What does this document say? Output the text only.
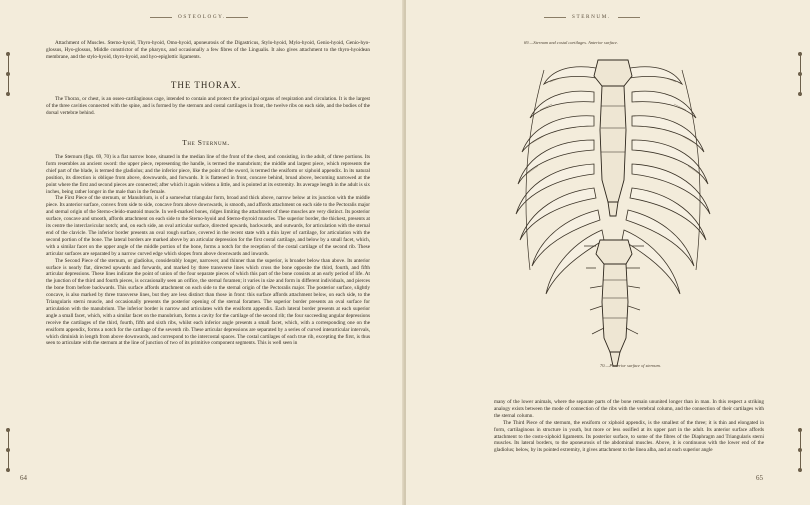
OSTEOLOGY.

Attachment of Muscles. Sterno-hyoid, Thyro-hyoid, Omo-hyoid, aponeurosis of the Digastricus, Stylo-hyoid, Mylo-hyoid, Genio-hyoid, Genio-hyo-glossus, Hyo-glossus, Middle constrictor of the pharynx, and occasionally a few fibres of the Lingualis. It also gives attachment to the thyro-hyoidean membrane, and the stylo-hyoid, thyro-hyoid, and hyo-epiglottic ligaments.

THE THORAX.

The Thorax, or chest, is an osseo-cartilaginous cage, intended to contain and protect the principal organs of respiration and circulation. It is the largest of the three cavities connected with the spine, and is formed by the sternum and costal cartilages in front, the twelve ribs on each side, and the bodies of the dorsal vertebræ behind.

The Sternum.

The Sternum (figs. 69, 70) is a flat narrow bone, situated in the median line of the front of the chest, and consisting, in the adult, of three portions. Its form resembles an ancient sword: the upper piece, representing the handle, is termed the manubrium; the middle and largest piece, which represents the chief part of the blade, is termed the gladiolus; and the inferior piece, like the point of the sword, is termed the ensiform or xiphoid appendix. In its natural position, its direction is oblique from above, downwards, and forwards. It is flattened in front, concave behind, broad above, becoming narrowed at the point where the first and second pieces are connected; after which it again widens a little, and is pointed at its extremity. Its average length in the adult is six inches, being rather longer in the male than in the female.

The First Piece of the sternum, or Manubrium, is of a somewhat triangular form, broad and thick above, narrow below at its junction with the middle piece. Its anterior surface, convex from side to side, concave from above downwards, is smooth, and affords attachment on each side to the Pectoralis major and sternal origin of the Sterno-cleido-mastoid muscle. In well-marked bones, ridges limiting the attachment of these muscles are very distinct. Its posterior surface, concave and smooth, affords attachment on each side to the Sterno-hyoid and Sterno-thyroid muscles. The superior border, the thickest, presents at its centre the interclavicular notch; and, on each side, an oval articular surface, directed upwards, backwards, and outwards, for articulation with the sternal end of the clavicle. The inferior border presents an oval rough surface, covered in the recent state with a thin layer of cartilage, for articulation with the second portion of the bone. The lateral borders are marked above by an articular depression for the first costal cartilage, and below by a small facet, which, with a similar facet on the upper angle of the middle portion of the bone, forms a notch for the reception of the costal cartilage of the second rib. These articular surfaces are separated by a narrow curved edge which slopes from above downwards and inwards.

The Second Piece of the sternum, or gladiolus, considerably longer, narrower, and thinner than the superior, is broader below than above. Its anterior surface is nearly flat, directed upwards and forwards, and marked by three transverse lines which cross the bone opposite the third, fourth, and fifth articular depressions. These lines indicate the point of union of the four separate pieces of which this part of the bone consists at an early period of life. At the junction of the third and fourth pieces, is occasionally seen an orifice, the sternal foramen; it varies in size and form in different individuals, and pierces the bone from before backwards. This surface affords attachment on each side to the sternal origin of the Pectoralis major. The posterior surface, slightly concave, is also marked by three transverse lines, but they are less distinct than those in front: this surface affords attachment below, on each side, to the Triangularis sterni muscle, and occasionally presents the posterior opening of the sternal foramen. The superior border presents an oval surface for articulation with the manubrium. The inferior border is narrow and articulates with the ensiform appendix. Each lateral border presents at each superior angle a small facet, which, with a similar facet on the manubrium, forms a cavity for the cartilage of the second rib; the four succeeding angular depressions receive the cartilages of the third, fourth, fifth and sixth ribs, whilst each inferior angle presents a small facet, which, with a corresponding one on the ensiform appendix, forms a notch for the cartilage of the seventh rib. These articular depressions are separated by a series of curved interarticular intervals, which diminish in length from above downwards, and correspond to the intercostal spaces. The costal cartilages of each true rib, excepting the first, is thus seen to articulate with the sternum at the line of junction of two of its primitive component segments. This is well seen in

64
STERNUM.
65
69.—Sternum and costal cartilages. Anterior surface.
70.—Posterior surface of sternum.

many of the lower animals, where the separate parts of the bone remain ununited longer than in man. In this respect a striking analogy exists between the mode of connection of the ribs with the vertebral column, and the connection of their cartilages with the sternal column.

The Third Piece of the sternum, the ensiform or xiphoid appendix, is the smallest of the three; it is thin and elongated in form, cartilaginous in structure in youth, but more or less ossified at its upper part in the adult. Its anterior surface affords attachment to the costo-xiphoid ligaments. Its posterior surface, to some of the fibres of the Diaphragm and Triangularis sterni muscles. Its lateral borders, to the aponeurosis of the abdominal muscles. Above, it is continuous with the lower end of the gladiolus; below, by its pointed extremity, it gives attachment to the linea alba, and at each superior angle
